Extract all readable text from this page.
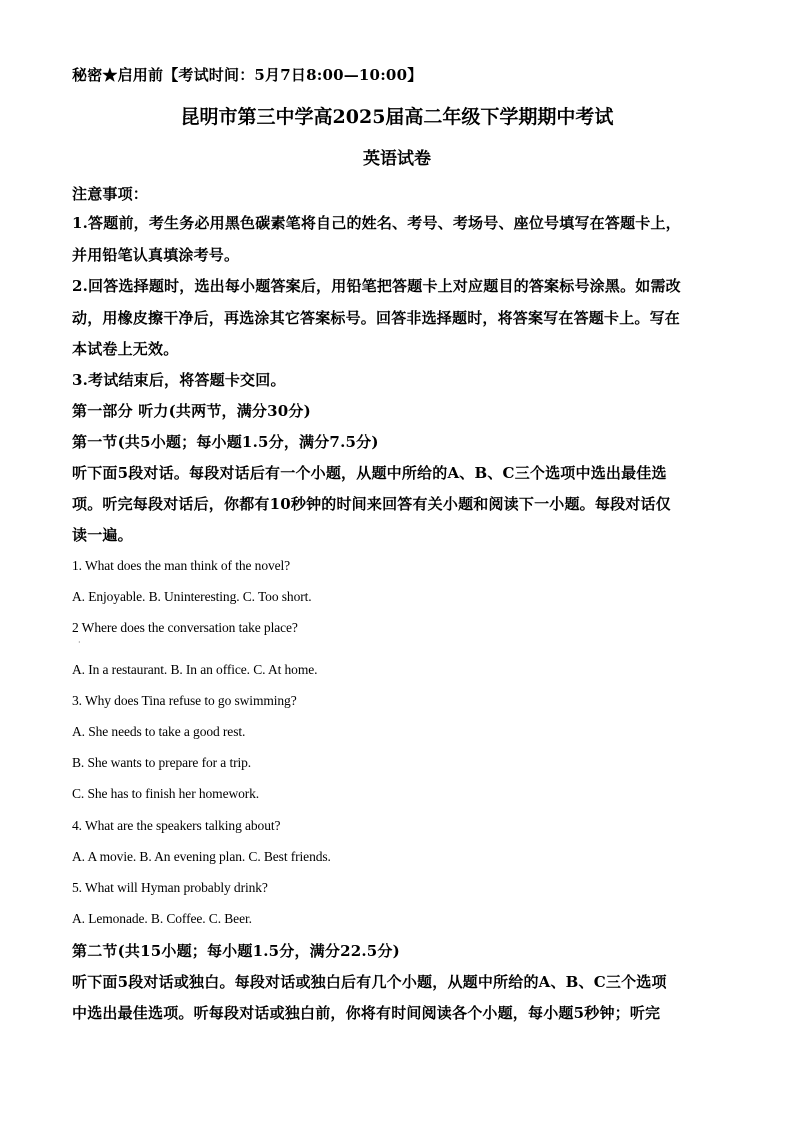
秘密★启用前【考试时间：5月7日8:00—10:00】
昆明市第三中学高2025届高二年级下学期期中考试
英语试卷
注意事项：
1.答题前，考生务必用黑色碳素笔将自己的姓名、考号、考场号、座位号填写在答题卡上，
并用铅笔认真填涂考号。
2.回答选择题时，选出每小题答案后，用铅笔把答题卡上对应题目的答案标号涂黑。如需改
动，用橡皮擦干净后，再选涂其它答案标号。回答非选择题时，将答案写在答题卡上。写在
本试卷上无效。
3.考试结束后，将答题卡交回。
第一部分 听力(共两节，满分30分)
第一节(共5小题；每小题1.5分，满分7.5分)
听下面5段对话。每段对话后有一个小题，从题中所给的A、B、C三个选项中选出最佳选
项。听完每段对话后，你都有10秒钟的时间来回答有关小题和阅读下一小题。每段对话仅
读一遍。
1. What does the man think of the novel?
A. Enjoyable. B. Uninteresting. C. Too short.
2 Where does the conversation take place?
·
A. In a restaurant. B. In an office. C. At home.
3. Why does Tina refuse to go swimming?
A. She needs to take a good rest.
B. She wants to prepare for a trip.
C. She has to finish her homework.
4. What are the speakers talking about?
A. A movie. B. An evening plan. C. Best friends.
5. What will Hyman probably drink?
A. Lemonade. B. Coffee. C. Beer.
第二节(共15小题；每小题1.5分，满分22.5分)
听下面5段对话或独白。每段对话或独白后有几个小题，从题中所给的A、B、C三个选项
中选出最佳选项。听每段对话或独白前，你将有时间阅读各个小题，每小题5秒钟；听完
